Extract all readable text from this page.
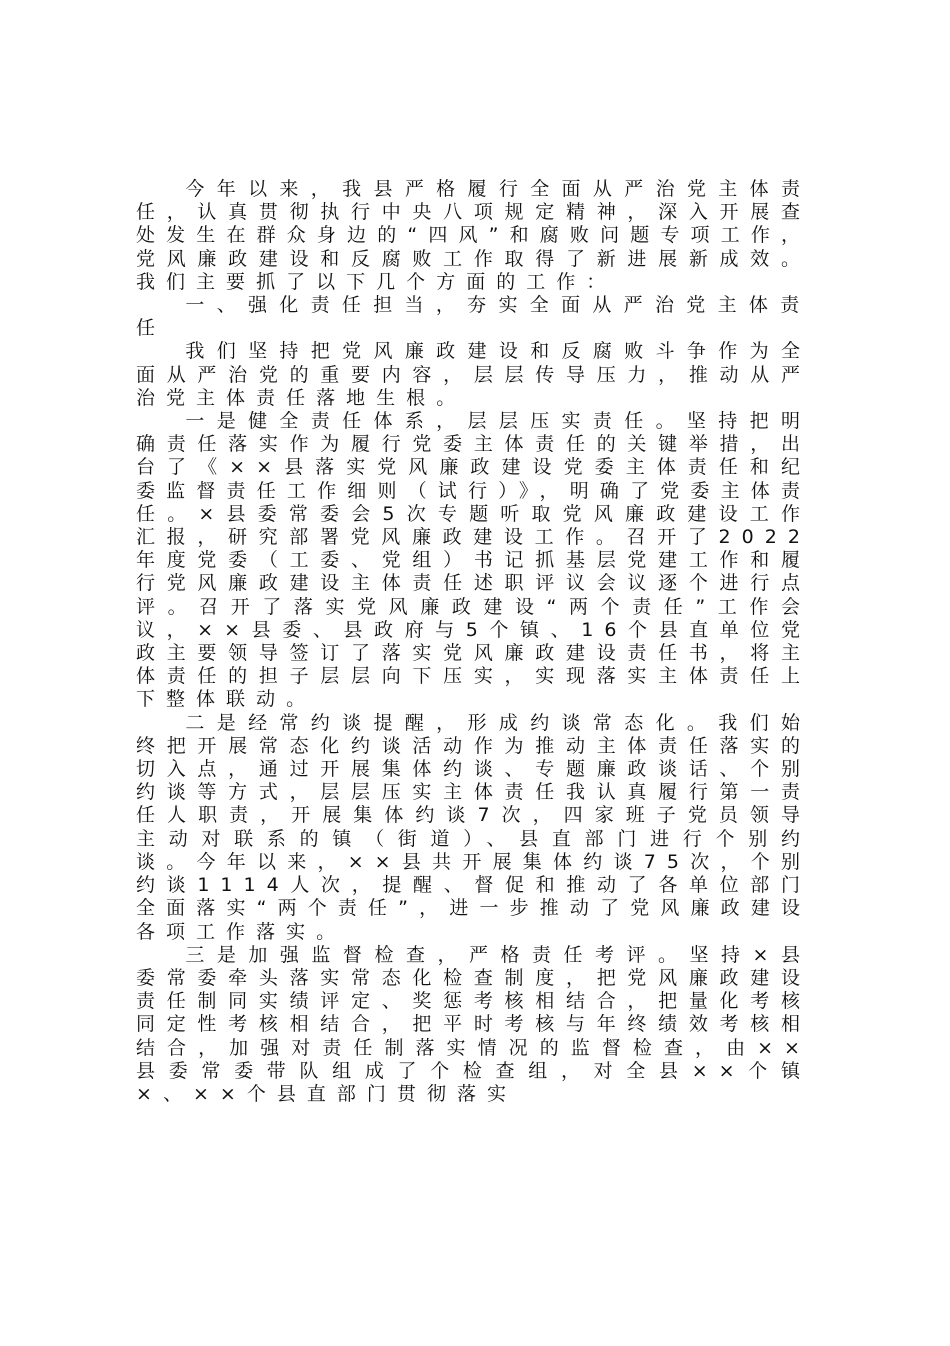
今年以来，我县严格履行全面从严治党主体责任，认真贯彻执行中央八项规定精神，深入开展查处发生在群众身边的“四风”和腐败问题专项工作，党风廉政建设和反腐败工作取得了新进展新成效。我们主要抓了以下几个方面的工作：

一、强化责任担当，夯实全面从严治党主体责任

我们坚持把党风廉政建设和反腐败斗争作为全面从严治党的重要内容，层层传导压力，推动从严治党主体责任落地生根。

一是健全责任体系，层层压实责任。坚持把明确责任落实作为履行党委主体责任的关键举措，出台了《××县落实党风廉政建设党委主体责任和纪委监督责任工作细则（试行）》，明确了党委主体责任。×县委常委会5次专题听取党风廉政建设工作汇报，研究部署党风廉政建设工作。召开了2022年度党委（工委、党组）书记抓基层党建工作和履行党风廉政建设主体责任述职评议会议逐个进行点评。召开了落实党风廉政建设“两个责任”工作会议，××县委、县政府与5个镇、16个县直单位党政主要领导签订了落实党风廉政建设责任书，将主体责任的担子层层向下压实，实现落实主体责任上下整体联动。

二是经常约谈提醒，形成约谈常态化。我们始终把开展常态化约谈活动作为推动主体责任落实的切入点，通过开展集体约谈、专题廉政谈话、个别约谈等方式，层层压实主体责任我认真履行第一责任人职责，开展集体约谈7次，四家班子党员领导主动对联系的镇（街道）、县直部门进行个别约谈。今年以来，××县共开展集体约谈75次，个别约谈1114人次，提醒、督促和推动了各单位部门全面落实“两个责任”，进一步推动了党风廉政建设各项工作落实。

三是加强监督检查，严格责任考评。坚持×县委常委牵头落实常态化检查制度，把党风廉政建设责任制同实绩评定、奖惩考核相结合，把量化考核同定性考核相结合，把平时考核与年终绩效考核相结合，加强对责任制落实情况的监督检查，由××县委常委带队组成了个检查组，对全县××个镇×、××个县直部门贯彻落实
